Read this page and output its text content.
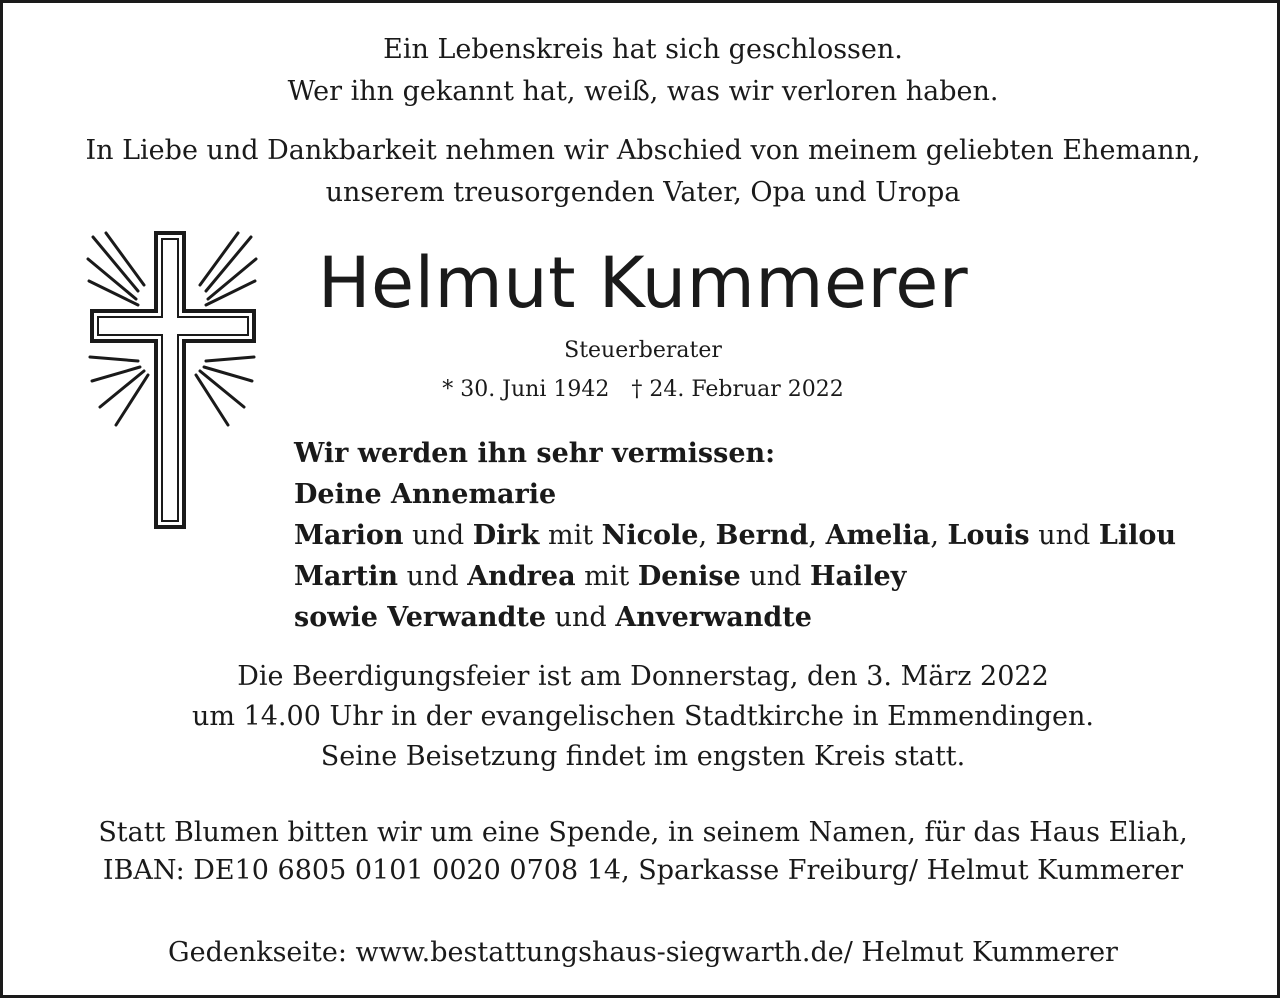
Ein Lebenskreis hat sich geschlossen.
Wer ihn gekannt hat, weiß, was wir verloren haben.
In Liebe und Dankbarkeit nehmen wir Abschied von meinem geliebten Ehemann,
unserem treusorgenden Vater, Opa und Uropa
Helmut Kummerer
Steuerberater
* 30. Juni 1942 † 24. Februar 2022
Wir werden ihn sehr vermissen:
Deine Annemarie
Marion und Dirk mit Nicole, Bernd, Amelia, Louis und Lilou
Martin und Andrea mit Denise und Hailey
sowie Verwandte und Anverwandte
Die Beerdigungsfeier ist am Donnerstag, den 3. März 2022
um 14.00 Uhr in der evangelischen Stadtkirche in Emmendingen.
Seine Beisetzung findet im engsten Kreis statt.
Statt Blumen bitten wir um eine Spende, in seinem Namen, für das Haus Eliah,
IBAN: DE10 6805 0101 0020 0708 14, Sparkasse Freiburg/ Helmut Kummerer
Gedenkseite: www.bestattungshaus-siegwarth.de/ Helmut Kummerer
